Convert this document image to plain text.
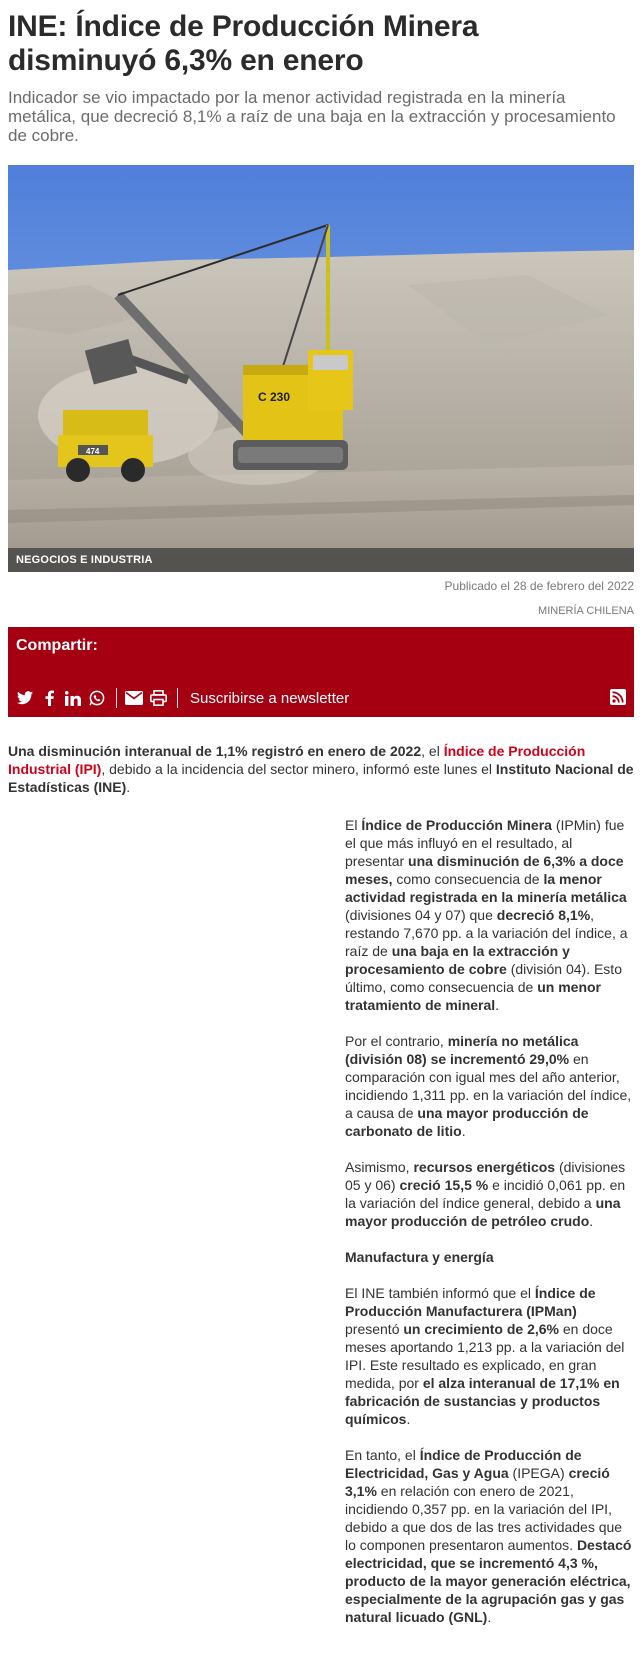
INE: Índice de Producción Minera disminuyó 6,3% en enero
Indicador se vio impactado por la menor actividad registrada en la minería metálica, que decreció 8,1% a raíz de una baja en la extracción y procesamiento de cobre.
C 230
474
NEGOCIOS E INDUSTRIA
Publicado el 28 de febrero del 2022
MINERÍA CHILENA
Compartir:
Suscribirse a newsletter
Una disminución interanual de 1,1% registró en enero de 2022, el Índice de Producción Industrial (IPI), debido a la incidencia del sector minero, informó este lunes el Instituto Nacional de Estadísticas (INE).

El Índice de Producción Minera (IPMin) fue el que más influyó en el resultado, al presentar una disminución de 6,3% a doce meses, como consecuencia de la menor actividad registrada en la minería metálica (divisiones 04 y 07) que decreció 8,1%, restando 7,670 pp. a la variación del índice, a raíz de una baja en la extracción y procesamiento de cobre (división 04). Esto último, como consecuencia de un menor tratamiento de mineral.

Por el contrario, minería no metálica (división 08) se incrementó 29,0% en comparación con igual mes del año anterior, incidiendo 1,311 pp. en la variación del índice, a causa de una mayor producción de carbonato de litio.

Asimismo, recursos energéticos (divisiones 05 y 06) creció 15,5 % e incidió 0,061 pp. en la variación del índice general, debido a una mayor producción de petróleo crudo.

Manufactura y energía

El INE también informó que el Índice de Producción Manufacturera (IPMan) presentó un crecimiento de 2,6% en doce meses aportando 1,213 pp. a la variación del IPI. Este resultado es explicado, en gran medida, por el alza interanual de 17,1% en fabricación de sustancias y productos químicos.

En tanto, el Índice de Producción de Electricidad, Gas y Agua (IPEGA) creció 3,1% en relación con enero de 2021, incidiendo 0,357 pp. en la variación del IPI, debido a que dos de las tres actividades que lo componen presentaron aumentos. Destacó electricidad, que se incrementó 4,3 %, producto de la mayor generación eléctrica, especialmente de la agrupación gas y gas natural licuado (GNL).
